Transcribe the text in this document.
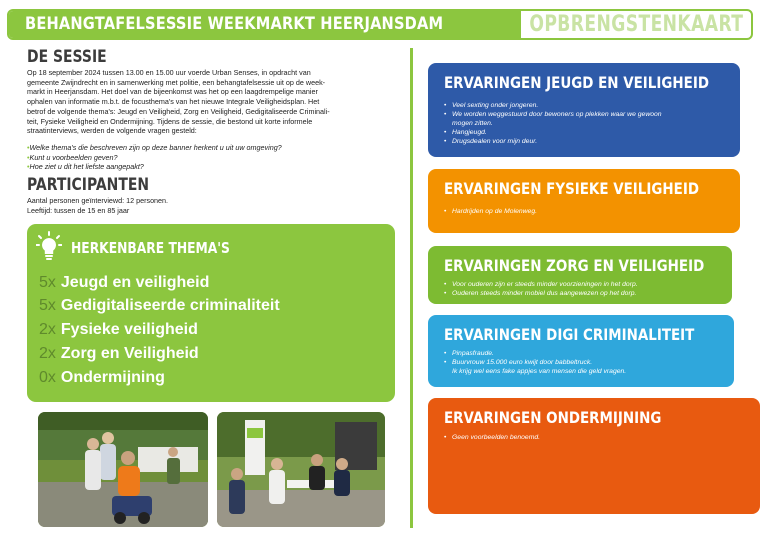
BEHANGTAFELSESSIE WEEKMARKT HEERJANSDAM	OPBRENGSTENKAART
DE SESSIE
Op 18 september 2024 tussen 13.00 en 15.00 uur voerde Urban Senses, in opdracht van
gemeente Zwijndrecht en in samenwerking met politie, een behangtafelsessie uit op de week-
markt in Heerjansdam. Het doel van de bijeenkomst was het op een laagdrempelige manier
ophalen van informatie m.b.t. de focusthema's van het nieuwe Integrale Veiligheidsplan. Het
betrof de volgende thema's: Jeugd en Veiligheid, Zorg en Veiligheid, Gedigitaliseerde Criminali-
teit, Fysieke Veiligheid en Ondermijning. Tijdens de sessie, die bestond uit korte informele
straatinterviews, werden de volgende vragen gesteld:
• Welke thema's die beschreven zijn op deze banner herkent u uit uw omgeving?
• Kunt u voorbeelden geven?
• Hoe ziet u dit het liefste aangepakt?
PARTICIPANTEN
Aantal personen geïnterviewd: 12 personen.
Leeftijd: tussen de 15 en 85 jaar
HERKENBARE THEMA'S
5x Jeugd en veiligheid
5x Gedigitaliseerde criminaliteit
2x Fysieke veiligheid
2x Zorg en Veiligheid
0x Ondermijning
ERVARINGEN JEUGD EN VEILIGHEID
• Veel sexting onder jongeren.
• We worden weggestuurd door bewoners op plekken waar we gewoon
mogen zitten.
• Hangjeugd.
• Drugsdealen voor mijn deur.
ERVARINGEN FYSIEKE VEILIGHEID
• Hardrijden op de Molenweg.
ERVARINGEN ZORG EN VEILIGHEID
• Voor ouderen zijn er steeds minder voorzieningen in het dorp.
• Ouderen steeds minder mobiel dus aangewezen op het dorp.
ERVARINGEN DIGI CRIMINALITEIT
• Pinpasfraude.
• Buurvrouw 15.000 euro kwijt door babbeltruck.
Ik krijg wel eens fake appjes van mensen die geld vragen.
ERVARINGEN ONDERMIJNING
• Geen voorbeelden benoemd.
